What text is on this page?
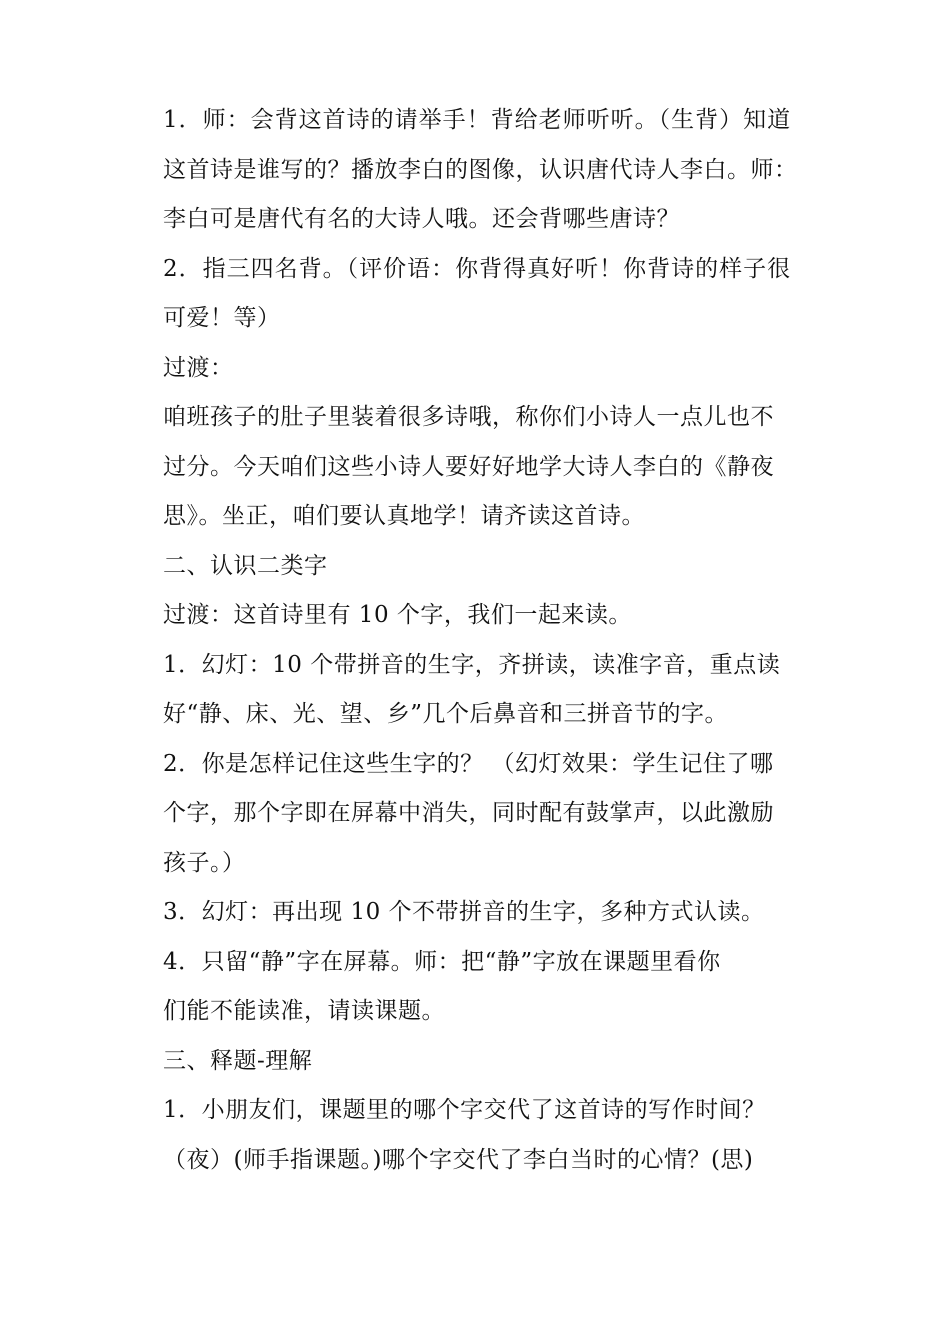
1．师：会背这首诗的请举手！背给老师听听。（生背）知道
这首诗是谁写的？播放李白的图像，认识唐代诗人李白。师：
李白可是唐代有名的大诗人哦。还会背哪些唐诗？
2．指三四名背。（评价语：你背得真好听！你背诗的样子很
可爱！等）
过渡：
咱班孩子的肚子里装着很多诗哦，称你们小诗人一点儿也不
过分。今天咱们这些小诗人要好好地学大诗人李白的《静夜
思》。坐正，咱们要认真地学！请齐读这首诗。
二、认识二类字
过渡：这首诗里有 10 个字，我们一起来读。
1．幻灯：10 个带拼音的生字，齐拼读，读准字音，重点读
好“静、床、光、望、乡”几个后鼻音和三拼音节的字。
2．你是怎样记住这些生字的？ （幻灯效果：学生记住了哪
个字，那个字即在屏幕中消失，同时配有鼓掌声，以此激励
孩子。）
3．幻灯：再出现 10 个不带拼音的生字，多种方式认读。
4．只留“静”字在屏幕。师：把“静”字放在课题里看你
们能不能读准，请读课题。
三、释题-理解
1．小朋友们，课题里的哪个字交代了这首诗的写作时间？
（夜）(师手指课题。)哪个字交代了李白当时的心情？(思)
